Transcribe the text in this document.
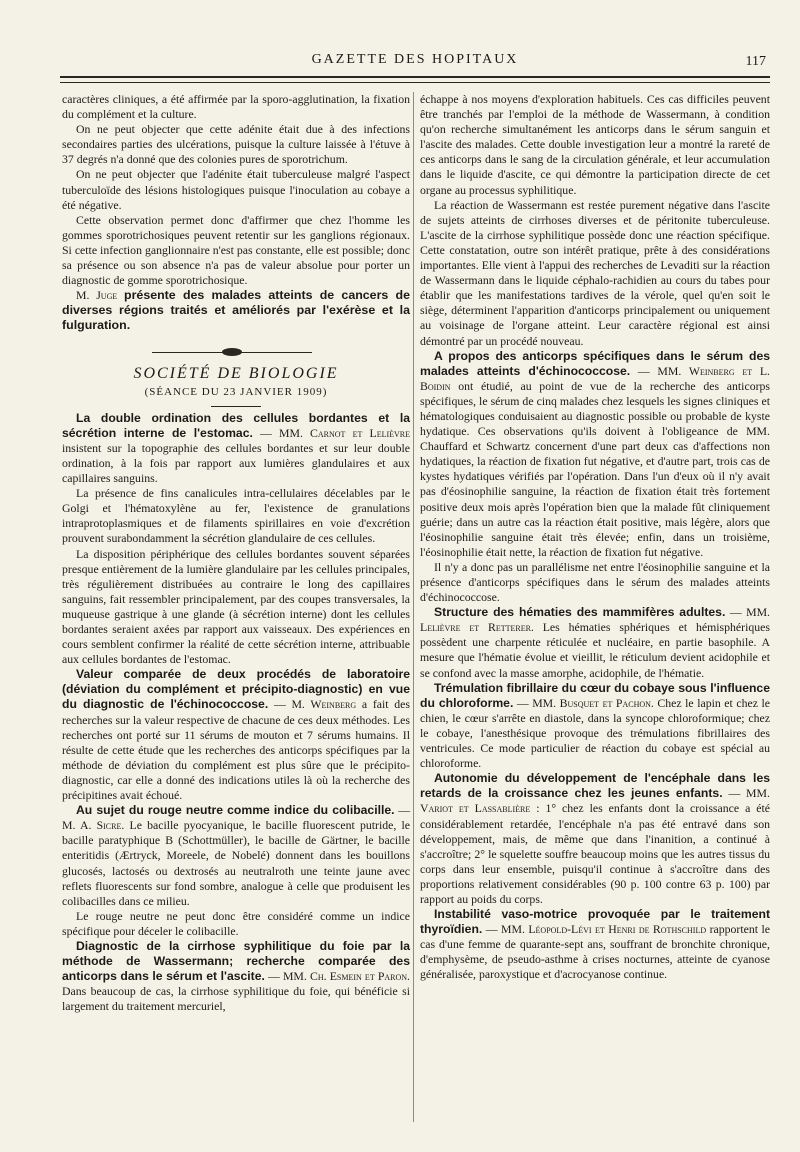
GAZETTE DES HOPITAUX	117

caractères cliniques, a été affirmée par la sporo-agglutination, la fixation du complément et la culture.

On ne peut objecter que cette adénite était due à des infections secondaires parties des ulcérations, puisque la culture laissée à l'étuve à 37 degrés n'a donné que des colonies pures de sporotrichum.

On ne peut objecter que l'adénite était tuberculeuse malgré l'aspect tuberculoïde des lésions histologiques puisque l'inoculation au cobaye a été négative.

Cette observation permet donc d'affirmer que chez l'homme les gommes sporotrichosiques peuvent retentir sur les ganglions régionaux. Si cette infection ganglionnaire n'est pas constante, elle est possible; donc sa présence ou son absence n'a pas de valeur absolue pour porter un diagnostic de gomme sporotrichosique.

M. Juge présente des malades atteints de cancers de diverses régions traités et améliorés par l'exérèse et la fulguration.

SOCIÉTÉ DE BIOLOGIE
(SÉANCE DU 23 JANVIER 1909)

La double ordination des cellules bordantes et la sécrétion interne de l'estomac. — MM. Carnot et Lelièvre insistent sur la topographie des cellules bordantes et sur leur double ordination, à la fois par rapport aux lumières glandulaires et aux capillaires sanguins.

La présence de fins canalicules intra-cellulaires décelables par le Golgi et l'hématoxylène au fer, l'existence de granulations intraprotoplasmiques et de filaments spirillaires en voie d'excrétion prouvent surabondamment la sécrétion glandulaire de ces cellules.

La disposition périphérique des cellules bordantes souvent séparées presque entièrement de la lumière glandulaire par les cellules principales, très régulièrement distribuées au contraire le long des capillaires sanguins, fait ressembler principalement, par des coupes transversales, la muqueuse gastrique à une glande (à sécrétion interne) dont les cellules bordantes seraient axées par rapport aux vaisseaux. Des expériences en cours semblent confirmer la réalité de cette sécrétion interne, attribuable aux cellules bordantes de l'estomac.

Valeur comparée de deux procédés de laboratoire (déviation du complément et précipito-diagnostic) en vue du diagnostic de l'échinococcose. — M. Weinberg a fait des recherches sur la valeur respective de chacune de ces deux méthodes. Les recherches ont porté sur 11 sérums de mouton et 7 sérums humains. Il résulte de cette étude que les recherches des anticorps spécifiques par la méthode de déviation du complément est plus sûre que le précipito-diagnostic, car elle a donné des indications utiles là où la recherche des précipitines avait échoué.

Au sujet du rouge neutre comme indice du colibacille. — M. A. Sicre. Le bacille pyocyanique, le bacille fluorescent putride, le bacille paratyphique B (Schottmüller), le bacille de Gärtner, le bacille enteritidis (Ærtryck, Moreele, de Nobelé) donnent dans les bouillons glucosés, lactosés ou dextrosés au neutralroth une teinte jaune avec reflets fluorescents sur fond sombre, analogue à celle que produisent les colibacilles dans ce milieu.

Le rouge neutre ne peut donc être considéré comme un indice spécifique pour déceler le colibacille.

Diagnostic de la cirrhose syphilitique du foie par la méthode de Wassermann; recherche comparée des anticorps dans le sérum et l'ascite. — MM. Ch. Esmein et Paron. Dans beaucoup de cas, la cirrhose syphilitique du foie, qui bénéficie si largement du traitement mercuriel,

échappe à nos moyens d'exploration habituels. Ces cas difficiles peuvent être tranchés par l'emploi de la méthode de Wassermann, à condition qu'on recherche simultanément les anticorps dans le sérum sanguin et l'ascite des malades. Cette double investigation leur a montré la rareté de ces anticorps dans le sang de la circulation générale, et leur accumulation dans le liquide d'ascite, ce qui démontre la participation directe de cet organe au processus syphilitique.

La réaction de Wassermann est restée purement négative dans l'ascite de sujets atteints de cirrhoses diverses et de péritonite tuberculeuse. L'ascite de la cirrhose syphilitique possède donc une réaction spécifique. Cette constatation, outre son intérêt pratique, prête à des considérations importantes. Elle vient à l'appui des recherches de Levaditi sur la réaction de Wassermann dans le liquide céphalo-rachidien au cours du tabes pour établir que les manifestations tardives de la vérole, quel qu'en soit le siège, déterminent l'apparition d'anticorps principalement ou uniquement au voisinage de l'organe atteint. Leur caractère régional est ainsi démontré par un procédé nouveau.

A propos des anticorps spécifiques dans le sérum des malades atteints d'échinococcose. — MM. Weinberg et L. Boidin ont étudié, au point de vue de la recherche des anticorps spécifiques, le sérum de cinq malades chez lesquels les signes cliniques et hématologiques conduisaient au diagnostic possible ou probable de kyste hydatique. Ces observations qu'ils doivent à l'obligeance de MM. Chauffard et Schwartz concernent d'une part deux cas d'affections non hydatiques, la réaction de fixation fut négative, et d'autre part, trois cas de kystes hydatiques vérifiés par l'opération. Dans l'un d'eux où il n'y avait pas d'éosinophilie sanguine, la réaction de fixation était très fortement positive deux mois après l'opération bien que la malade fût cliniquement guérie; dans un autre cas la réaction était positive, mais légère, alors que l'éosinophilie sanguine était très élevée; enfin, dans un troisième, l'éosinophilie était nette, la réaction de fixation fut négative.

Il n'y a donc pas un parallélisme net entre l'éosinophilie sanguine et la présence d'anticorps spécifiques dans le sérum des malades atteints d'échinococcose.

Structure des hématies des mammifères adultes. — MM. Lelièvre et Retterer. Les hématies sphériques et hémisphériques possèdent une charpente réticulée et nucléaire, en partie basophile. A mesure que l'hématie évolue et vieillit, le réticulum devient acidophile et se confond avec la masse amorphe, acidophile, de l'hématie.

Trémulation fibrillaire du cœur du cobaye sous l'influence du chloroforme. — MM. Busquet et Pachon. Chez le lapin et chez le chien, le cœur s'arrête en diastole, dans la syncope chloroformique; chez le cobaye, l'anesthésique provoque des trémulations fibrillaires des ventricules. Ce mode particulier de réaction du cobaye est spécial au chloroforme.

Autonomie du développement de l'encéphale dans les retards de la croissance chez les jeunes enfants. — MM. Variot et Lassablière : 1° chez les enfants dont la croissance a été considérablement retardée, l'encéphale n'a pas été entravé dans son développement, mais, de même que dans l'inanition, a continué à s'accroître; 2° le squelette souffre beaucoup moins que les autres tissus du corps dans leur ensemble, puisqu'il continue à s'accroître dans des proportions relativement considérables (90 p. 100 contre 63 p. 100) par rapport au poids du corps.

Instabilité vaso-motrice provoquée par le traitement thyroïdien. — MM. Léopold-Lévi et Henri de Rothschild rapportent le cas d'une femme de quarante-sept ans, souffrant de bronchite chronique, d'emphysème, de pseudo-asthme à crises nocturnes, atteinte de cyanose généralisée, paroxystique et d'acrocyanose continue.
